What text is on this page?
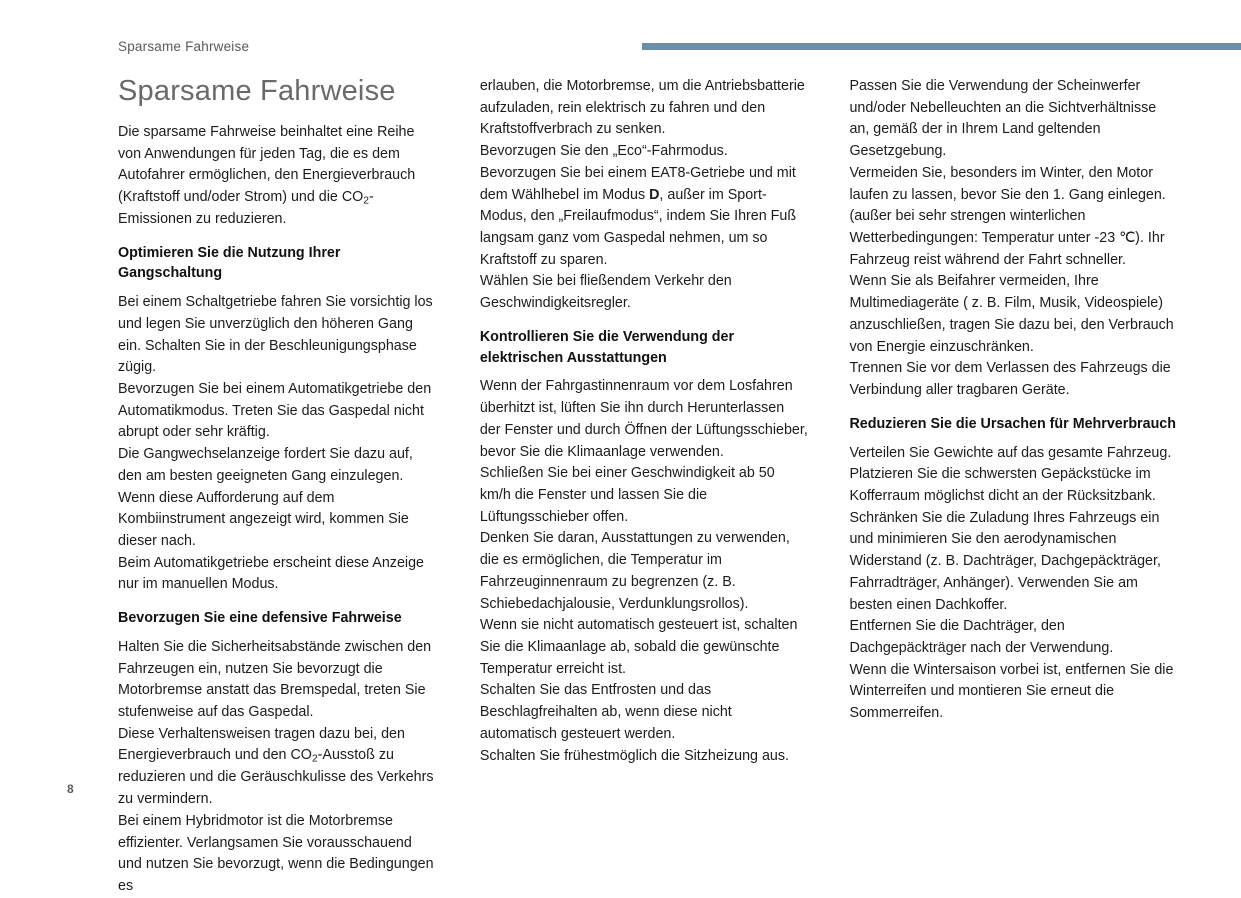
Sparsame Fahrweise
8
Sparsame Fahrweise

Die sparsame Fahrweise beinhaltet eine Reihe von Anwendungen für jeden Tag, die es dem Autofahrer ermöglichen, den Energieverbrauch (Kraftstoff und/oder Strom) und die $CO_2$-Emissionen zu reduzieren.

Optimieren Sie die Nutzung Ihrer Gangschaltung

Bei einem Schaltgetriebe fahren Sie vorsichtig los und legen Sie unverzüglich den höheren Gang ein. Schalten Sie in der Beschleunigungsphase zügig.

Bevorzugen Sie bei einem Automatikgetriebe den Automatikmodus. Treten Sie das Gaspedal nicht abrupt oder sehr kräftig.

Die Gangwechselanzeige fordert Sie dazu auf, den am besten geeigneten Gang einzulegen. Wenn diese Aufforderung auf dem Kombiinstrument angezeigt wird, kommen Sie dieser nach.

Beim Automatikgetriebe erscheint diese Anzeige nur im manuellen Modus.

Bevorzugen Sie eine defensive Fahrweise

Halten Sie die Sicherheitsabstände zwischen den Fahrzeugen ein, nutzen Sie bevorzugt die Motorbremse anstatt das Bremspedal, treten Sie stufenweise auf das Gaspedal.

Diese Verhaltensweisen tragen dazu bei, den Energieverbrauch und den $CO_2$-Ausstoß zu reduzieren und die Geräuschkulisse des Verkehrs zu vermindern.

Bei einem Hybridmotor ist die Motorbremse effizienter. Verlangsamen Sie vorausschauend und nutzen Sie bevorzugt, wenn die Bedingungen es

erlauben, die Motorbremse, um die Antriebsbatterie aufzuladen, rein elektrisch zu fahren und den Kraftstoffverbrach zu senken.

Bevorzugen Sie den „Eco“-Fahrmodus.

Bevorzugen Sie bei einem EAT8-Getriebe und mit dem Wählhebel im Modus D, außer im Sport-Modus, den „Freilaufmodus“, indem Sie Ihren Fuß langsam ganz vom Gaspedal nehmen, um so Kraftstoff zu sparen.

Wählen Sie bei fließendem Verkehr den Geschwindigkeitsregler.

Kontrollieren Sie die Verwendung der elektrischen Ausstattungen

Wenn der Fahrgastinnenraum vor dem Losfahren überhitzt ist, lüften Sie ihn durch Herunterlassen der Fenster und durch Öffnen der Lüftungsschieber, bevor Sie die Klimaanlage verwenden.

Schließen Sie bei einer Geschwindigkeit ab 50 km/h die Fenster und lassen Sie die Lüftungsschieber offen.

Denken Sie daran, Ausstattungen zu verwenden, die es ermöglichen, die Temperatur im Fahrzeuginnenraum zu begrenzen (z. B. Schiebedachjalousie, Verdunklungsrollos).

Wenn sie nicht automatisch gesteuert ist, schalten Sie die Klimaanlage ab, sobald die gewünschte Temperatur erreicht ist.

Schalten Sie das Entfrosten und das Beschlagfreihalten ab, wenn diese nicht automatisch gesteuert werden.

Schalten Sie frühestmöglich die Sitzheizung aus.

Passen Sie die Verwendung der Scheinwerfer und/oder Nebelleuchten an die Sichtverhältnisse an, gemäß der in Ihrem Land geltenden Gesetzgebung.

Vermeiden Sie, besonders im Winter, den Motor laufen zu lassen, bevor Sie den 1. Gang einlegen.(außer bei sehr strengen winterlichen Wetterbedingungen: Temperatur unter -23 ℃). Ihr Fahrzeug reist während der Fahrt schneller.

Wenn Sie als Beifahrer vermeiden, Ihre Multimediageräte ( z. B. Film, Musik, Videospiele) anzuschließen, tragen Sie dazu bei, den Verbrauch von Energie einzuschränken.

Trennen Sie vor dem Verlassen des Fahrzeugs die Verbindung aller tragbaren Geräte.

Reduzieren Sie die Ursachen für Mehrverbrauch

Verteilen Sie Gewichte auf das gesamte Fahrzeug.

Platzieren Sie die schwersten Gepäckstücke im Kofferraum möglichst dicht an der Rücksitzbank.

Schränken Sie die Zuladung Ihres Fahrzeugs ein und minimieren Sie den aerodynamischen Widerstand (z. B. Dachträger, Dachgepäckträger, Fahrradträger, Anhänger). Verwenden Sie am besten einen Dachkoffer.

Entfernen Sie die Dachträger, den Dachgepäckträger nach der Verwendung.

Wenn die Wintersaison vorbei ist, entfernen Sie die Winterreifen und montieren Sie erneut die Sommerreifen.
